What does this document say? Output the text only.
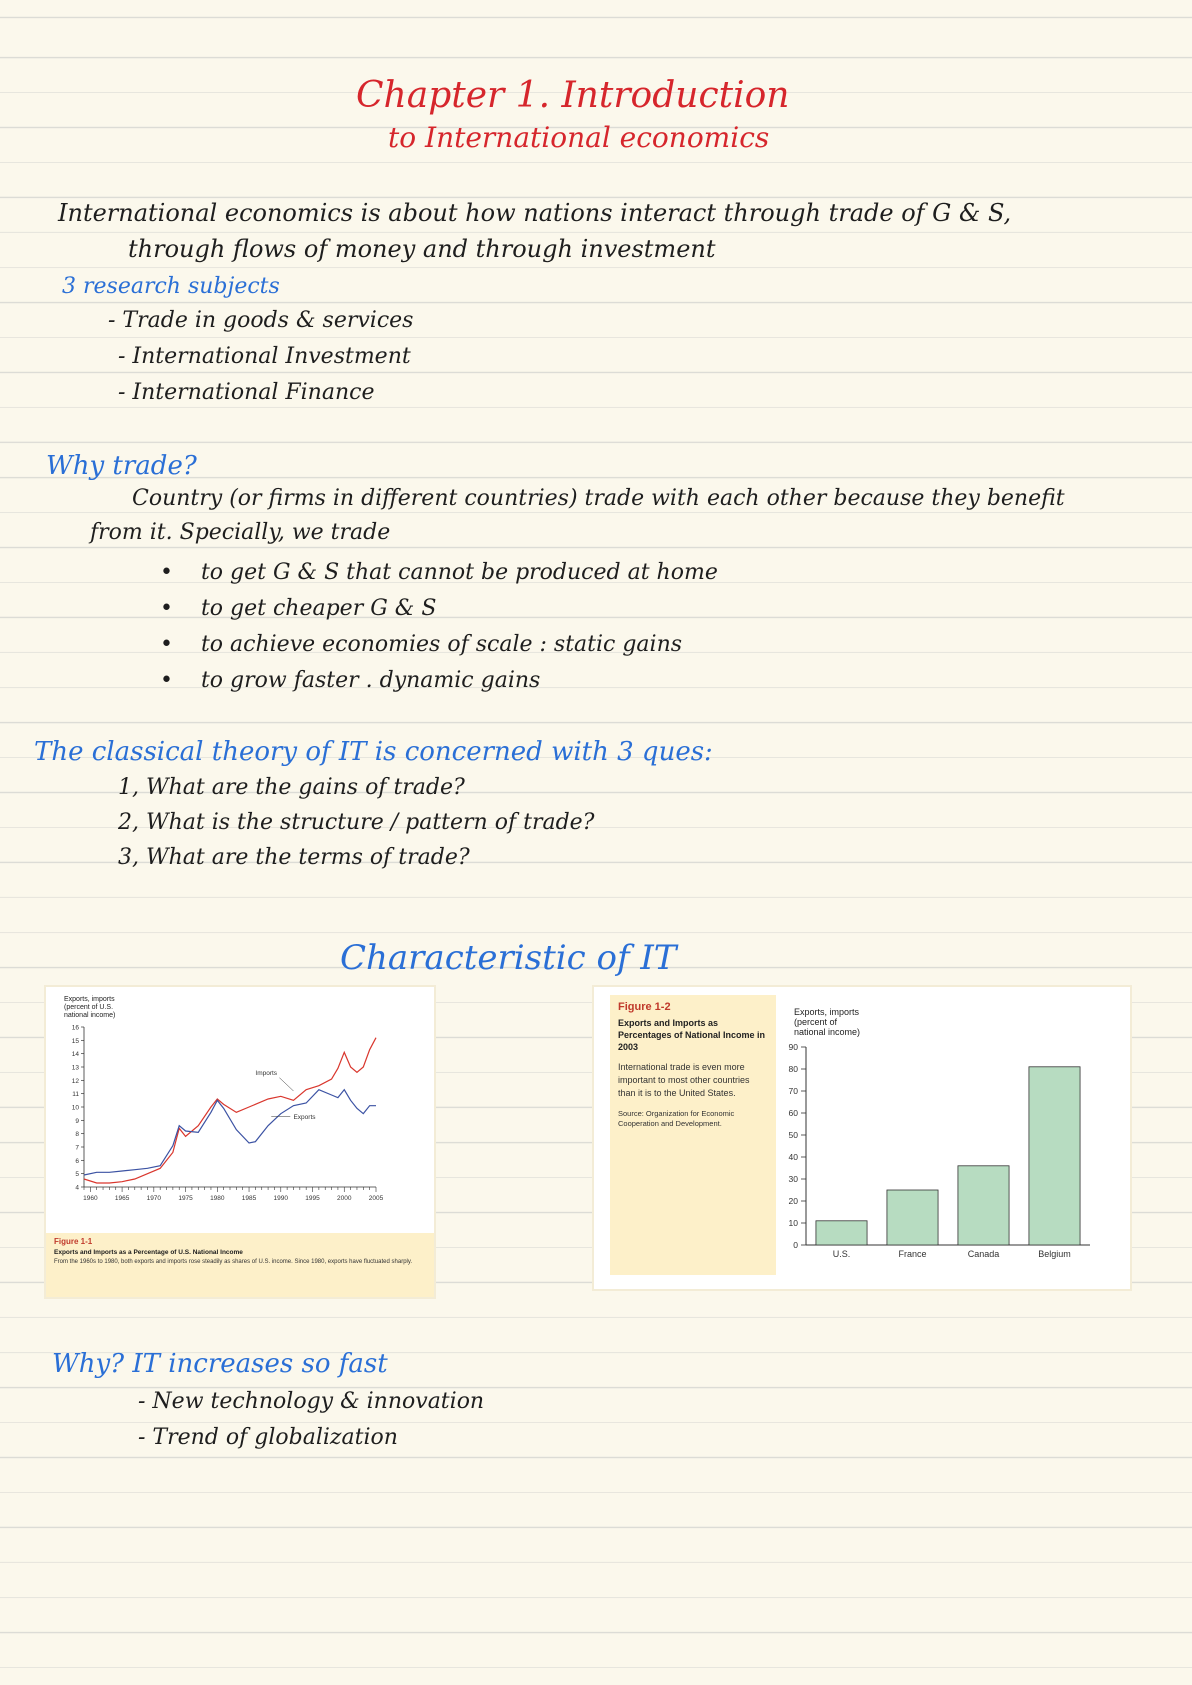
Chapter 1. Introduction

to International economics

International economics is about how nations interact through trade of G & S,

through flows of money and through investment

3 research subjects

- Trade in goods & services

- International Investment

- International Finance

Why trade?

Country (or firms in different countries) trade with each other because they benefit

from it. Specially, we trade

•    to get G & S that cannot be produced at home

•    to get cheaper G & S

•    to achieve economies of scale : static gains

•    to grow faster . dynamic gains

The classical theory of IT is concerned with 3 ques:

1, What are the gains of trade?

2, What is the structure / pattern of trade?

3, What are the terms of trade?

Characteristic of IT

Exports, imports
(percent of U.S.
national income)
4
5
6
7
8
9
10
11
12
13
14
15
16
1960	1965	1970	1975	1980	1985	1990	1995	2000	2005
Imports
Exports

Figure 1-1

Exports and Imports as a Percentage of U.S. National Income

From the 1960s to 1980, both exports and imports rose steadily as shares of U.S. income. Since 1980, exports have fluctuated sharply.

Figure 1-2

Exports and Imports as Percentages of National Income in 2003

International trade is even more important to most other countries than it is to the United States.

Source: Organization for Economic Cooperation and Development.

Exports, imports
(percent of
national income)
0
10
20
30
40
50
60
70
80
90
U.S.	France	Canada	Belgium

Why? IT increases so fast

- New technology & innovation

- Trend of globalization
